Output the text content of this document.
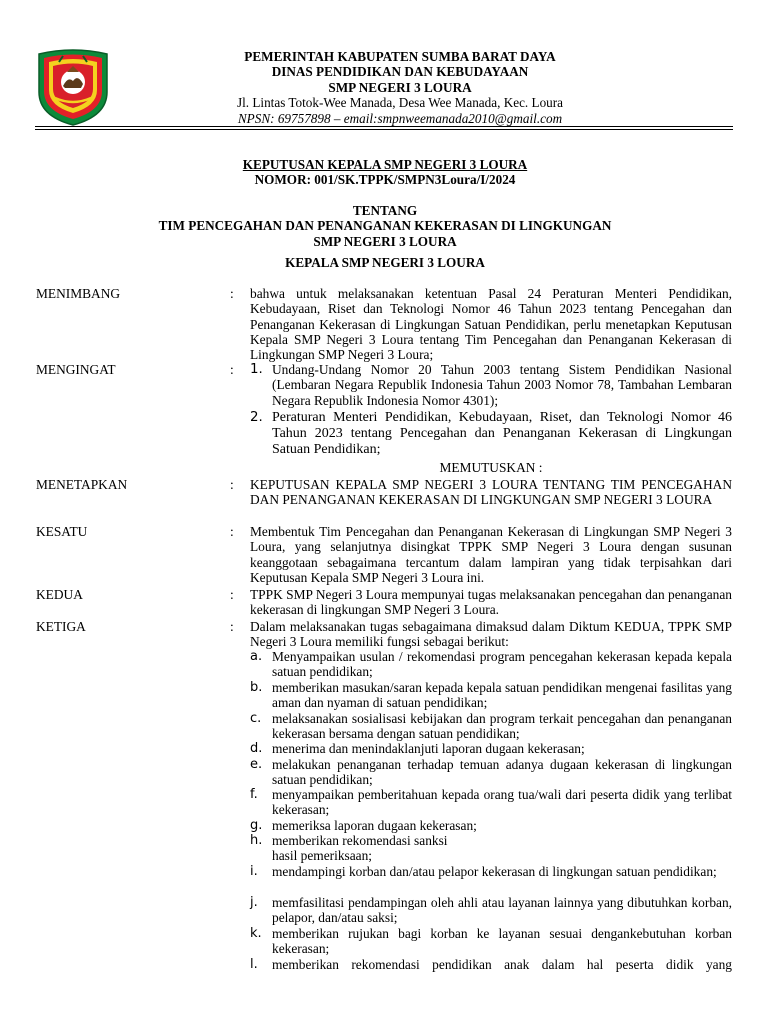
PEMERINTAH KABUPATEN SUMBA BARAT DAYA
DINAS PENDIDIKAN DAN KEBUDAYAAN
SMP NEGERI 3 LOURA
Jl. Lintas Totok-Wee Manada, Desa Wee Manada, Kec. Loura
NPSN: 69757898 – email:smpnweemanada2010@gmail.com
KEPUTUSAN KEPALA SMP NEGERI 3 LOURA
NOMOR: 001/SK.TPPK/SMPN3Loura/I/2024
TENTANG
TIM PENCEGAHAN DAN PENANGANAN KEKERASAN DI LINGKUNGAN
SMP NEGERI 3 LOURA
KEPALA SMP NEGERI 3 LOURA
MENIMBANG	: bahwa untuk melaksanakan ketentuan Pasal 24 Peraturan Menteri Pendidikan, Kebudayaan, Riset dan Teknologi Nomor 46 Tahun 2023 tentang Pencegahan dan Penanganan Kekerasan di Lingkungan Satuan Pendidikan, perlu menetapkan Keputusan Kepala SMP Negeri 3 Loura tentang Tim Pencegahan dan Penanganan Kekerasan di Lingkungan SMP Negeri 3 Loura;
MENGINGAT	: 1. Undang-Undang Nomor 20 Tahun 2003 tentang Sistem Pendidikan Nasional (Lembaran Negara Republik Indonesia Tahun 2003 Nomor 78, Tambahan Lembaran Negara Republik Indonesia Nomor 4301);
2. Peraturan Menteri Pendidikan, Kebudayaan, Riset, dan Teknologi Nomor 46 Tahun 2023 tentang Pencegahan dan Penanganan Kekerasan di Lingkungan Satuan Pendidikan;
MEMUTUSKAN :
MENETAPKAN	: KEPUTUSAN KEPALA SMP NEGERI 3 LOURA TENTANG TIM PENCEGAHAN DAN PENANGANAN KEKERASAN DI LINGKUNGAN SMP NEGERI 3 LOURA
KESATU	: Membentuk Tim Pencegahan dan Penanganan Kekerasan di Lingkungan SMP Negeri 3 Loura, yang selanjutnya disingkat TPPK SMP Negeri 3 Loura dengan susunan keanggotaan sebagaimana tercantum dalam lampiran yang tidak terpisahkan dari Keputusan Kepala SMP Negeri 3 Loura ini.
KEDUA	: TPPK SMP Negeri 3 Loura mempunyai tugas melaksanakan pencegahan dan penanganan kekerasan di lingkungan SMP Negeri 3 Loura.
KETIGA	: Dalam melaksanakan tugas sebagaimana dimaksud dalam Diktum KEDUA, TPPK SMP Negeri 3 Loura memiliki fungsi sebagai berikut:
a. Menyampaikan usulan / rekomendasi program pencegahan kekerasan kepada kepala satuan pendidikan;
b. memberikan masukan/saran kepada kepala satuan pendidikan mengenai fasilitas yang aman dan nyaman di satuan pendidikan;
c. melaksanakan sosialisasi kebijakan dan program terkait pencegahan dan penanganan kekerasan bersama dengan satuan pendidikan;
d. menerima dan menindaklanjuti laporan dugaan kekerasan;
e. melakukan penanganan terhadap temuan adanya dugaan kekerasan di lingkungan satuan pendidikan;
f. menyampaikan pemberitahuan kepada orang tua/wali dari peserta didik yang terlibat kekerasan;
g. memeriksa laporan dugaan kekerasan;
h. memberikan rekomendasi sanksi hasil pemeriksaan;
i. mendampingi korban dan/atau pelapor kekerasan di lingkungan satuan pendidikan;
j. memfasilitasi pendampingan oleh ahli atau layanan lainnya yang dibutuhkan korban, pelapor, dan/atau saksi;
k. memberikan rujukan bagi korban ke layanan sesuai dengankebutuhan korban kekerasan;
l. memberikan rekomendasi pendidikan anak dalam hal peserta didik yang
